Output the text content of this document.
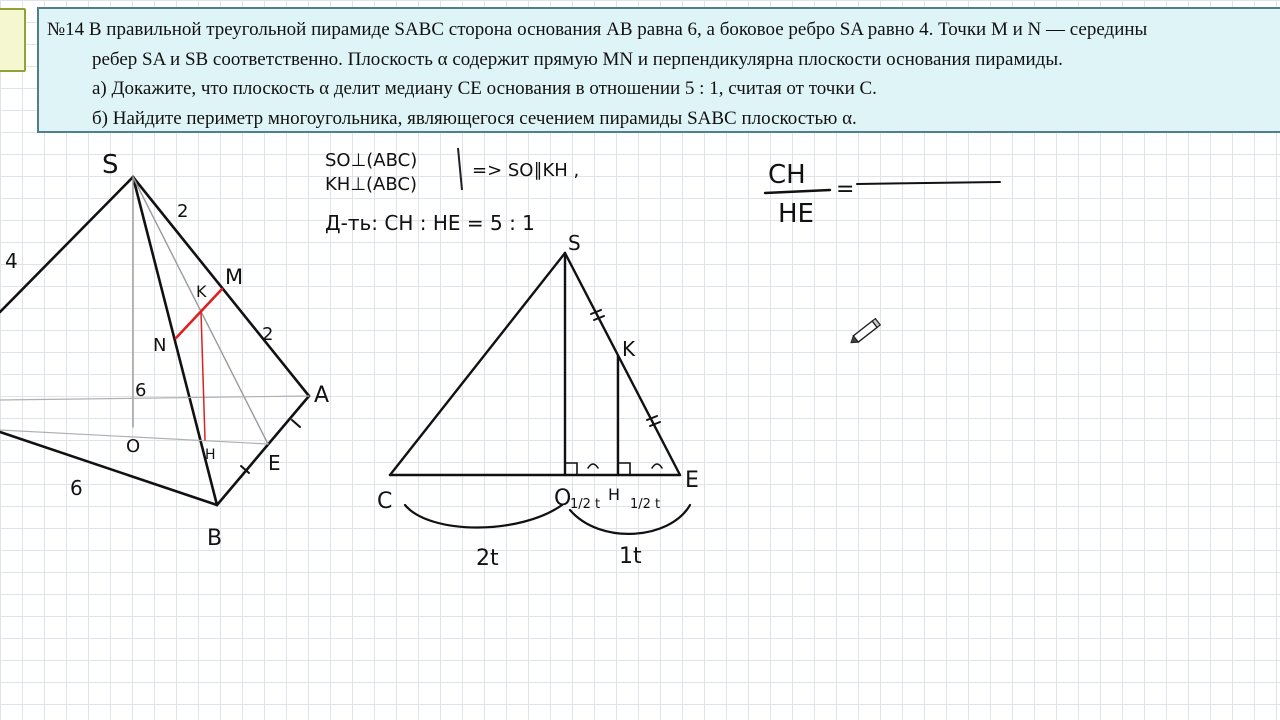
№14 В правильной треугольной пирамиде SABC сторона основания AB равна 6, а боковое ребро SA равно 4. Точки M и N — середины
ребер SA и SB соответственно. Плоскость α содержит прямую MN и перпендикулярна плоскости основания пирамиды.
а) Докажите, что плоскость α делит медиану CE основания в отношении 5 : 1, считая от точки C.
б) Найдите периметр многоугольника, являющегося сечением пирамиды SABC плоскостью α.
S
M
K
N
A
O	H	E
B
6
4
2
2
6
SO⊥(ABC)
KH⊥(ABC)
=> SO∥KH ,
Д-ть: CH : HE = 5 : 1
S
K
C	O H
E
1/2 t 1/2 t
2t	1t
CH
HE
=
